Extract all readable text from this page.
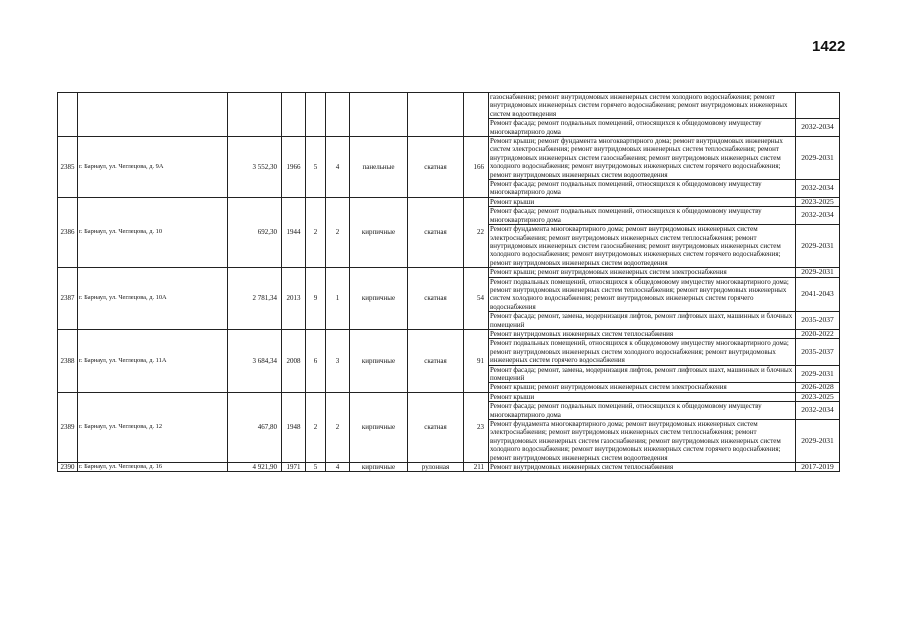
1422
									газоснабжения; ремонт внутридомовых инженерных систем холодного водоснабжения; ремонт внутридомовых инженерных систем горячего водоснабжения; ремонт внутридомовых инженерных систем водоотведения	
									Ремонт фасада; ремонт подвальных помещений, относящихся к общедомовому имуществу многоквартирного дома	2032-2034
2385	г. Барнаул, ул. Чеглецова, д. 9А	3 552,30	1966	5	4	панельные	скатная	166	Ремонт крыши; ремонт фундамента многоквартирного дома; ремонт внутридомовых инженерных систем электроснабжения; ремонт внутридомовых инженерных систем теплоснабжения; ремонт внутридомовых инженерных систем газоснабжения; ремонт внутридомовых инженерных систем холодного водоснабжения; ремонт внутридомовых инженерных систем горячего водоснабжения; ремонт внутридомовых инженерных систем водоотведения	2029-2031
									Ремонт фасада; ремонт подвальных помещений, относящихся к общедомовому имуществу многоквартирного дома	2032-2034
2386	г. Барнаул, ул. Чеглецова, д. 10	692,30	1944	2	2	кирпичные	скатная	22	Ремонт крыши	2023-2025
									Ремонт фасада; ремонт подвальных помещений, относящихся к общедомовому имуществу многоквартирного дома	2032-2034
									Ремонт фундамента многоквартирного дома; ремонт внутридомовых инженерных систем электроснабжения; ремонт внутридомовых инженерных систем теплоснабжения; ремонт внутридомовых инженерных систем газоснабжения; ремонт внутридомовых инженерных систем холодного водоснабжения; ремонт внутридомовых инженерных систем горячего водоснабжения; ремонт внутридомовых инженерных систем водоотведения	2029-2031
2387	г. Барнаул, ул. Чеглецова, д. 10А	2 781,34	2013	9	1	кирпичные	скатная	54	Ремонт крыши; ремонт внутридомовых инженерных систем электроснабжения	2029-2031
									Ремонт подвальных помещений, относящихся к общедомовому имуществу многоквартирного дома; ремонт внутридомовых инженерных систем теплоснабжения; ремонт внутридомовых инженерных систем холодного водоснабжения; ремонт внутридомовых инженерных систем горячего водоснабжения	2041-2043
									Ремонт фасада; ремонт, замена, модернизация лифтов, ремонт лифтовых шахт, машинных и блочных помещений	2035-2037
2388	г. Барнаул, ул. Чеглецова, д. 11А	3 684,34	2008	6	3	кирпичные	скатная	91	Ремонт внутридомовых инженерных систем теплоснабжения	2020-2022
									Ремонт подвальных помещений, относящихся к общедомовому имуществу многоквартирного дома; ремонт внутридомовых инженерных систем холодного водоснабжения; ремонт внутридомовых инженерных систем горячего водоснабжения	2035-2037
									Ремонт фасада; ремонт, замена, модернизация лифтов, ремонт лифтовых шахт, машинных и блочных помещений	2029-2031
									Ремонт крыши; ремонт внутридомовых инженерных систем электроснабжения	2026-2028
2389	г. Барнаул, ул. Чеглецова, д. 12	467,80	1948	2	2	кирпичные	скатная	23	Ремонт крыши	2023-2025
									Ремонт фасада; ремонт подвальных помещений, относящихся к общедомовому имуществу многоквартирного дома	2032-2034
									Ремонт фундамента многоквартирного дома; ремонт внутридомовых инженерных систем электроснабжения; ремонт внутридомовых инженерных систем теплоснабжения; ремонт внутридомовых инженерных систем газоснабжения; ремонт внутридомовых инженерных систем холодного водоснабжения; ремонт внутридомовых инженерных систем горячего водоснабжения; ремонт внутридомовых инженерных систем водоотведения	2029-2031
2390	г. Барнаул, ул. Чеглецова, д. 16	4 921,90	1971	5	4	кирпичные	рулонная	211	Ремонт внутридомовых инженерных систем теплоснабжения	2017-2019
